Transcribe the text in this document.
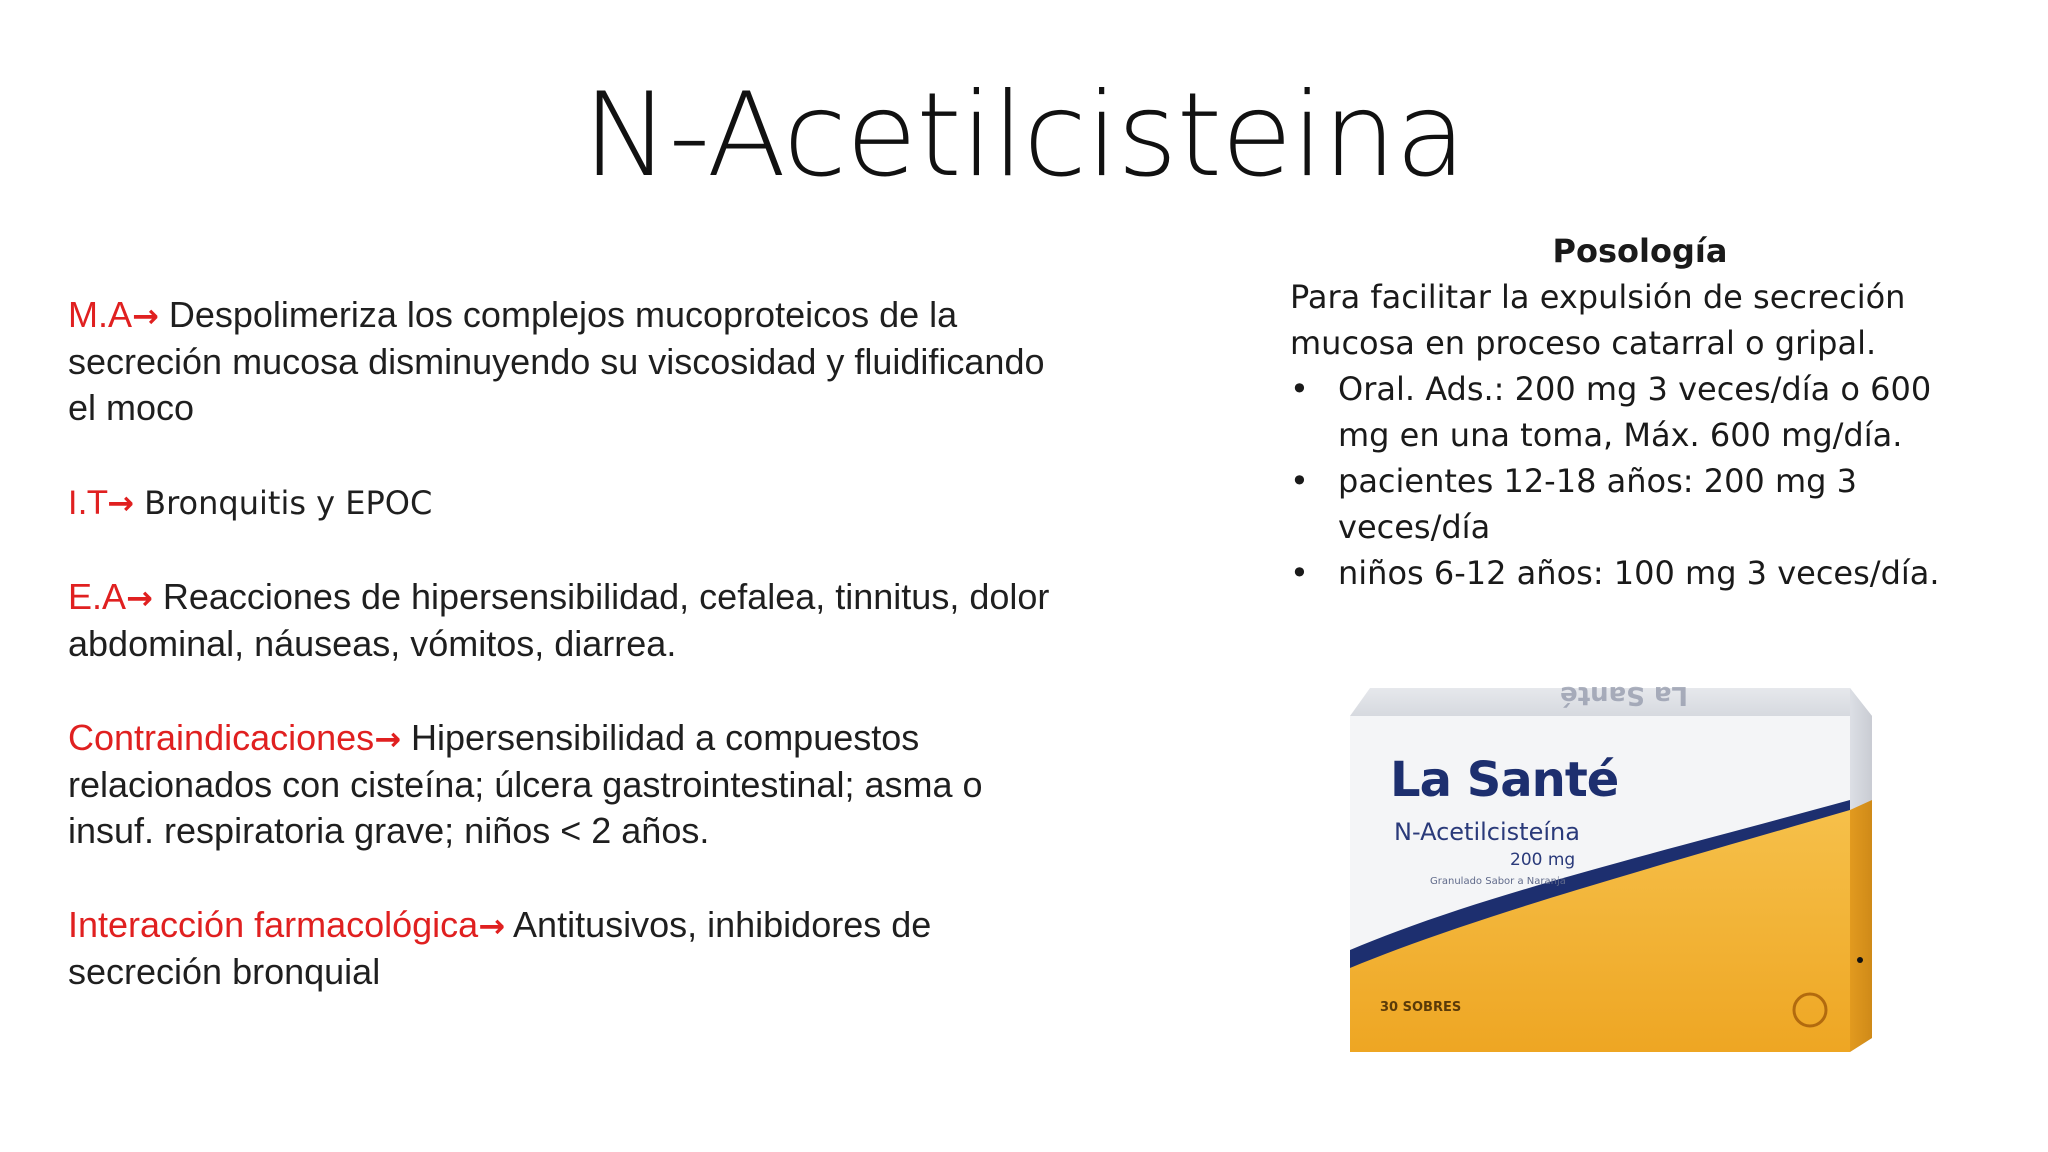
N-Acetilcisteina
M.A→ Despolimeriza los complejos mucoproteicos de la secreción mucosa disminuyendo su viscosidad y fluidificando el moco
I.T→ Bronquitis y EPOC
E.A→ Reacciones de hipersensibilidad, cefalea, tinnitus, dolor abdominal, náuseas, vómitos, diarrea.
Contraindicaciones→ Hipersensibilidad a compuestos relacionados con cisteína; úlcera gastrointestinal; asma o insuf. respiratoria grave; niños < 2 años.
Interacción farmacológica→ Antitusivos, inhibidores de secreción bronquial
Posología

Para facilitar la expulsión de secreción mucosa en proceso catarral o gripal.

• Oral. Ads.: 200 mg 3 veces/día o 600 mg en una toma, Máx. 600 mg/día.
• pacientes 12-18 años: 200 mg 3 veces/día
• niños 6-12 años: 100 mg 3 veces/día.
La Santé
La Santé
N-Acetilcisteína
200 mg
Granulado Sabor a Naranja
30 SOBRES
